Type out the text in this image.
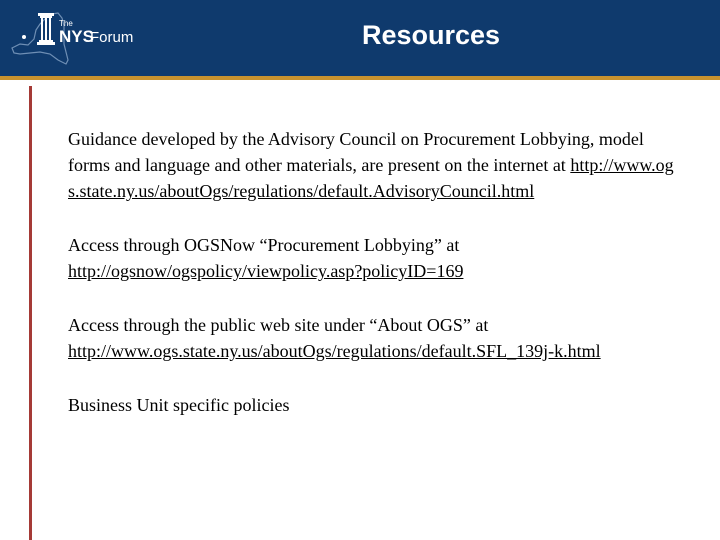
The
NYS
Forum	Resources

Guidance developed by the Advisory Council on Procurement Lobbying, model forms and language and other materials, are present on the internet at http://www.ogs.state.ny.us/aboutOgs/regulations/default.AdvisoryCouncil.html

Access through OGSNow “Procurement Lobbying” at
http://ogsnow/ogspolicy/viewpolicy.asp?policyID=169

Access through the public web site under “About OGS” at
http://www.ogs.state.ny.us/aboutOgs/regulations/default.SFL_139j-k.html

Business Unit specific policies
